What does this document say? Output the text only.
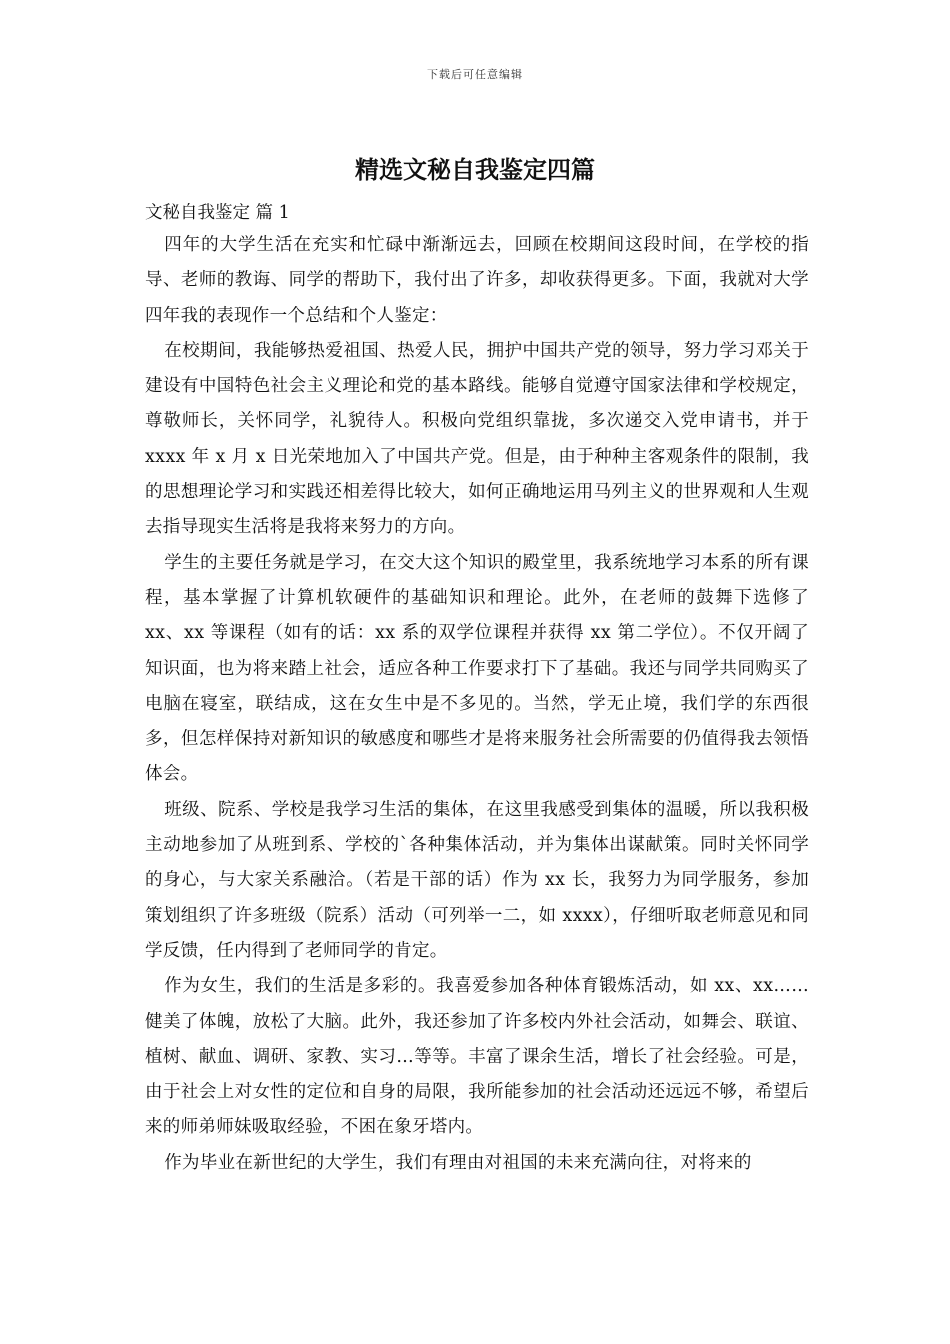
下载后可任意编辑
精选文秘自我鉴定四篇

文秘自我鉴定 篇 1

四年的大学生活在充实和忙碌中渐渐远去，回顾在校期间这段时间，在学校的指导、老师的教诲、同学的帮助下，我付出了许多，却收获得更多。下面，我就对大学四年我的表现作一个总结和个人鉴定：

在校期间，我能够热爱祖国、热爱人民，拥护中国共产党的领导，努力学习邓关于建设有中国特色社会主义理论和党的基本路线。能够自觉遵守国家法律和学校规定，尊敬师长，关怀同学，礼貌待人。积极向党组织靠拢，多次递交入党申请书，并于 xxxx 年 x 月 x 日光荣地加入了中国共产党。但是，由于种种主客观条件的限制，我的思想理论学习和实践还相差得比较大，如何正确地运用马列主义的世界观和人生观去指导现实生活将是我将来努力的方向。

学生的主要任务就是学习，在交大这个知识的殿堂里，我系统地学习本系的所有课程，基本掌握了计算机软硬件的基础知识和理论。此外，在老师的鼓舞下选修了 xx、xx 等课程（如有的话：xx 系的双学位课程并获得 xx 第二学位）。不仅开阔了知识面，也为将来踏上社会，适应各种工作要求打下了基础。我还与同学共同购买了电脑在寝室，联结成，这在女生中是不多见的。当然，学无止境，我们学的东西很多，但怎样保持对新知识的敏感度和哪些才是将来服务社会所需要的仍值得我去领悟体会。

班级、院系、学校是我学习生活的集体，在这里我感受到集体的温暖，所以我积极主动地参加了从班到系、学校的`各种集体活动，并为集体出谋献策。同时关怀同学的身心，与大家关系融洽。（若是干部的话）作为 xx 长，我努力为同学服务，参加策划组织了许多班级（院系）活动（可列举一二，如 xxxx），仔细听取老师意见和同学反馈，任内得到了老师同学的肯定。

作为女生，我们的生活是多彩的。我喜爱参加各种体育锻炼活动，如 xx、xx……健美了体魄，放松了大脑。此外，我还参加了许多校内外社会活动，如舞会、联谊、植树、献血、调研、家教、实习…等等。丰富了课余生活，增长了社会经验。可是，由于社会上对女性的定位和自身的局限，我所能参加的社会活动还远远不够，希望后来的师弟师妹吸取经验，不困在象牙塔内。

作为毕业在新世纪的大学生，我们有理由对祖国的未来充满向往，对将来的
